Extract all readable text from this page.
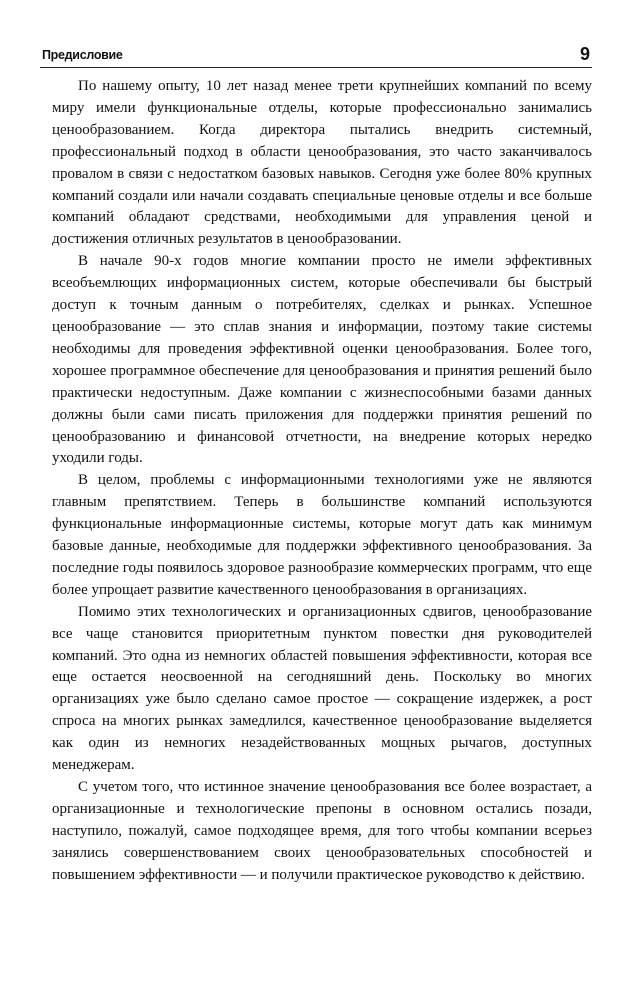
Предисловие	9

По нашему опыту, 10 лет назад менее трети крупнейших компаний по всему миру имели функциональные отделы, которые профессионально занимались ценообразованием. Когда директора пытались внедрить системный, профессиональный подход в области ценообразования, это часто заканчивалось провалом в связи с недостатком базовых навыков. Сегодня уже более 80% крупных компаний создали или начали создавать специальные ценовые отделы и все больше компаний обладают средствами, необходимыми для управления ценой и достижения отличных результатов в ценообразовании.

В начале 90-х годов многие компании просто не имели эффективных всеобъемлющих информационных систем, которые обеспечивали бы быстрый доступ к точным данным о потребителях, сделках и рынках. Успешное ценообразование — это сплав знания и информации, поэтому такие системы необходимы для проведения эффективной оценки ценообразования. Более того, хорошее программное обеспечение для ценообразования и принятия решений было практически недоступным. Даже компании с жизнеспособными базами данных должны были сами писать приложения для поддержки принятия решений по ценообразованию и финансовой отчетности, на внедрение которых нередко уходили годы.

В целом, проблемы с информационными технологиями уже не являются главным препятствием. Теперь в большинстве компаний используются функциональные информационные системы, которые могут дать как минимум базовые данные, необходимые для поддержки эффективного ценообразования. За последние годы появилось здоровое разнообразие коммерческих программ, что еще более упрощает развитие качественного ценообразования в организациях.

Помимо этих технологических и организационных сдвигов, ценообразование все чаще становится приоритетным пунктом повестки дня руководителей компаний. Это одна из немногих областей повышения эффективности, которая все еще остается неосвоенной на сегодняшний день. Поскольку во многих организациях уже было сделано самое простое — сокращение издержек, а рост спроса на многих рынках замедлился, качественное ценообразование выделяется как один из немногих незадействованных мощных рычагов, доступных менеджерам.

С учетом того, что истинное значение ценообразования все более возрастает, а организационные и технологические препоны в основном остались позади, наступило, пожалуй, самое подходящее время, для того чтобы компании всерьез занялись совершенствованием своих ценообразовательных способностей и повышением эффективности — и получили практическое руководство к действию.
